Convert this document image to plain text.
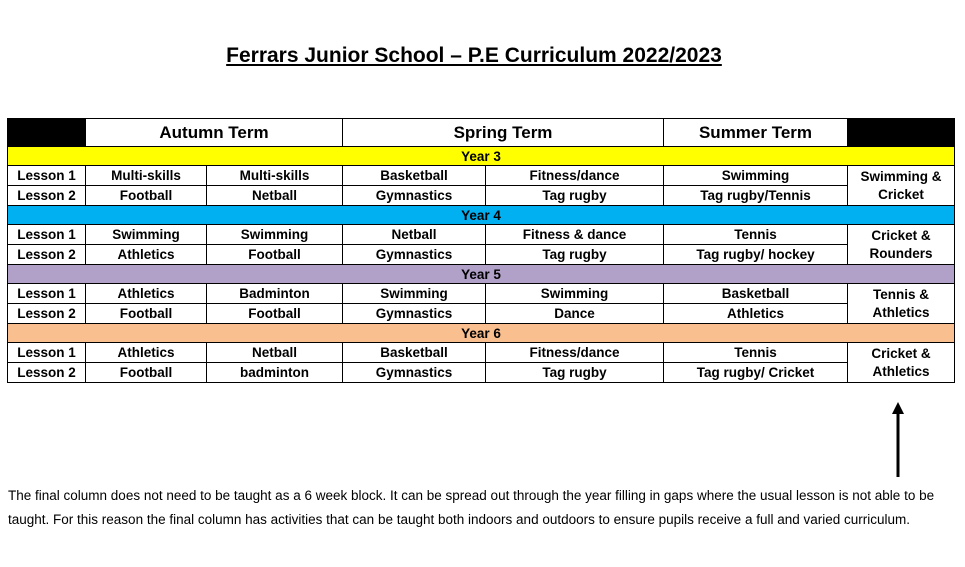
Ferrars Junior School – P.E Curriculum 2022/2023
	Autumn Term		Spring Term		Summer Term	
Year 3						
Lesson 1	Multi-skills	Multi-skills	Basketball	Fitness/dance	Swimming	Swimming & Cricket
Lesson 2	Football	Netball	Gymnastics	Tag rugby	Tag rugby/Tennis	
Year 4						
Lesson 1	Swimming	Swimming	Netball	Fitness & dance	Tennis	Cricket & Rounders
Lesson 2	Athletics	Football	Gymnastics	Tag rugby	Tag rugby/ hockey	
Year 5						
Lesson 1	Athletics	Badminton	Swimming	Swimming	Basketball	Tennis & Athletics
Lesson 2	Football	Football	Gymnastics	Dance	Athletics	
Year 6						
Lesson 1	Athletics	Netball	Basketball	Fitness/dance	Tennis	Cricket & Athletics
Lesson 2	Football	badminton	Gymnastics	Tag rugby	Tag rugby/ Cricket	
The final column does not need to be taught as a 6 week block. It can be spread out through the year filling in gaps where the usual lesson is not able to be taught. For this reason the final column has activities that can be taught both indoors and outdoors to ensure pupils receive a full and varied curriculum.
